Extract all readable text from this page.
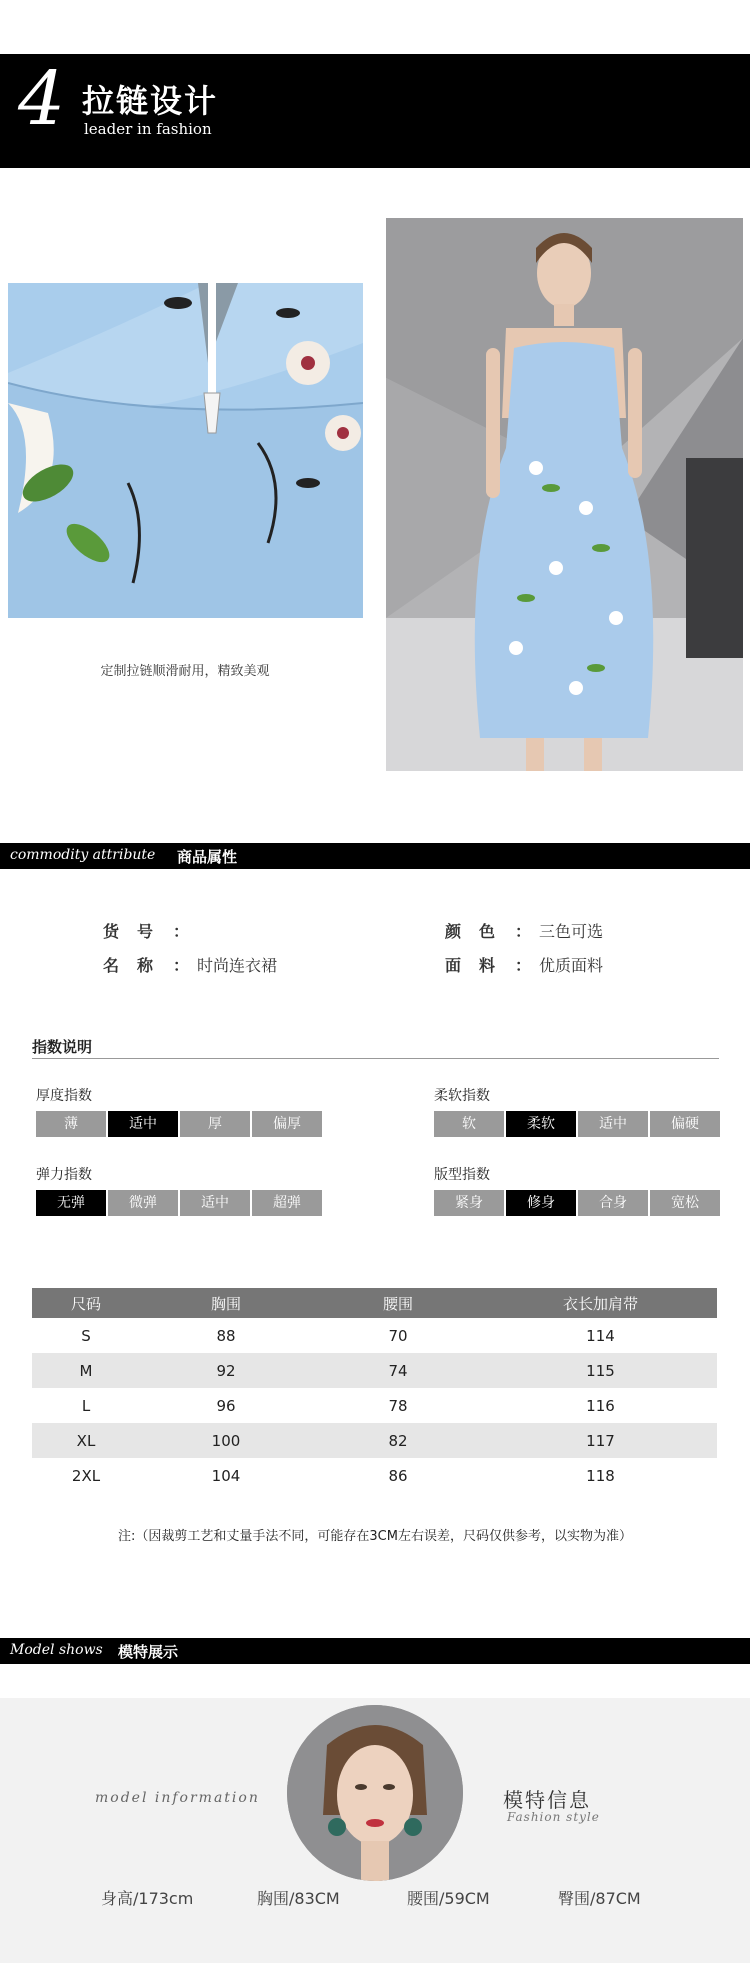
4 拉链设计
leader in fashion
定制拉链顺滑耐用，精致美观
commodity attribute 商品属性
货号 ：	颜色 ： 三色可选
名称 ： 时尚连衣裙	面料 ： 优质面料
指数说明
厚度指数
薄	适中	厚	偏厚
柔软指数
软	柔软	适中	偏硬
弹力指数
无弹	微弹	适中	超弹
版型指数
紧身	修身	合身	宽松
尺码	胸围	腰围	衣长加肩带
S	88	70	114
M	92	74	115
L	96	78	116
XL	100	82	117
2XL	104	86	118
注:（因裁剪工艺和丈量手法不同，可能存在3CM左右误差，尺码仅供参考，以实物为准）
Model shows 模特展示
model information	模特信息
Fashion style
身高/173cm	胸围/83CM	腰围/59CM	臀围/87CM
